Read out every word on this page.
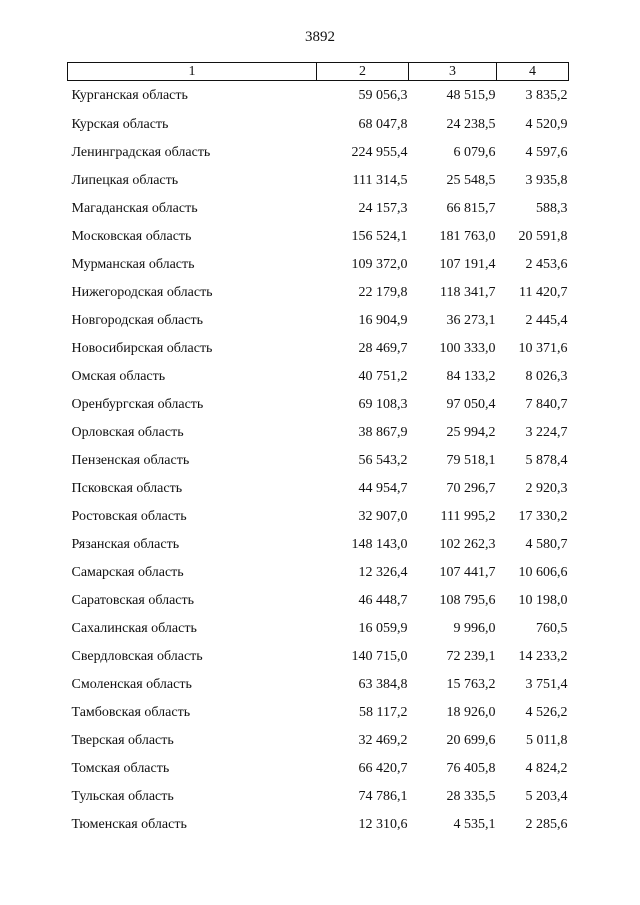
3892
1	2	3	4
Курганская область	59 056,3	48 515,9	3 835,2
Курская область	68 047,8	24 238,5	4 520,9
Ленинградская область	224 955,4	6 079,6	4 597,6
Липецкая область	111 314,5	25 548,5	3 935,8
Магаданская область	24 157,3	66 815,7	588,3
Московская область	156 524,1	181 763,0	20 591,8
Мурманская область	109 372,0	107 191,4	2 453,6
Нижегородская область	22 179,8	118 341,7	11 420,7
Новгородская область	16 904,9	36 273,1	2 445,4
Новосибирская область	28 469,7	100 333,0	10 371,6
Омская область	40 751,2	84 133,2	8 026,3
Оренбургская область	69 108,3	97 050,4	7 840,7
Орловская область	38 867,9	25 994,2	3 224,7
Пензенская область	56 543,2	79 518,1	5 878,4
Псковская область	44 954,7	70 296,7	2 920,3
Ростовская область	32 907,0	111 995,2	17 330,2
Рязанская область	148 143,0	102 262,3	4 580,7
Самарская область	12 326,4	107 441,7	10 606,6
Саратовская область	46 448,7	108 795,6	10 198,0
Сахалинская область	16 059,9	9 996,0	760,5
Свердловская область	140 715,0	72 239,1	14 233,2
Смоленская область	63 384,8	15 763,2	3 751,4
Тамбовская область	58 117,2	18 926,0	4 526,2
Тверская область	32 469,2	20 699,6	5 011,8
Томская область	66 420,7	76 405,8	4 824,2
Тульская область	74 786,1	28 335,5	5 203,4
Тюменская область	12 310,6	4 535,1	2 285,6
